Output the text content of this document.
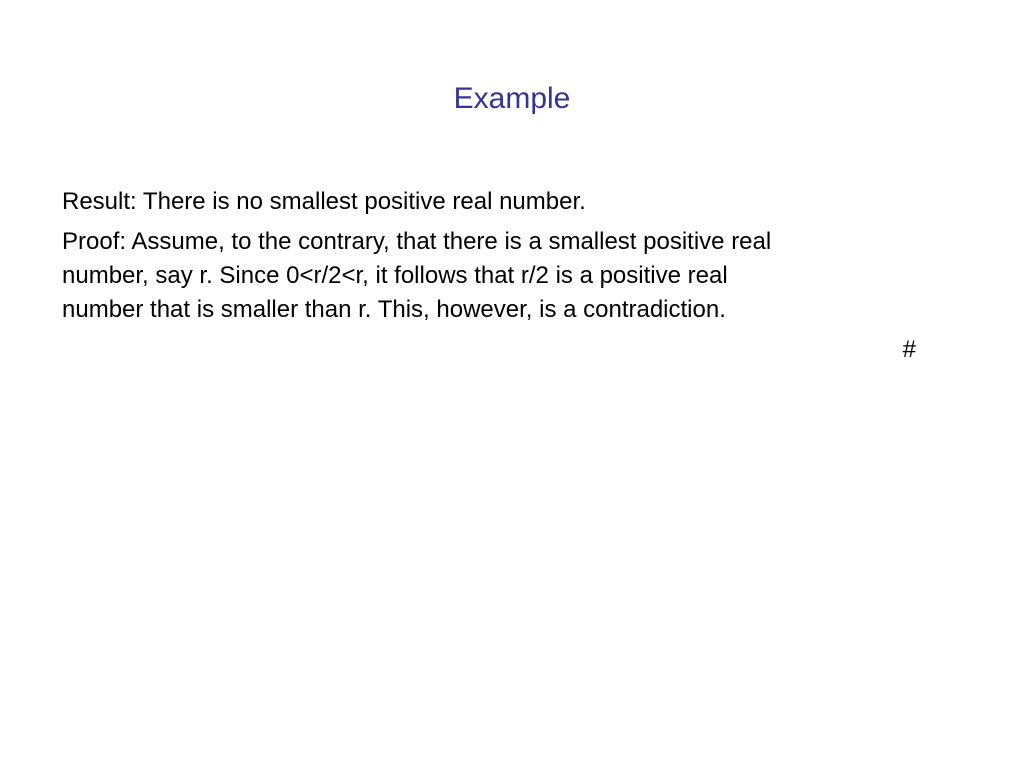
Example

Result: There is no smallest positive real number.

Proof: Assume, to the contrary, that there is a smallest positive real
number, say r. Since 0<r/2<r, it follows that r/2 is a positive real
number that is smaller than r. This, however, is a contradiction.

#
